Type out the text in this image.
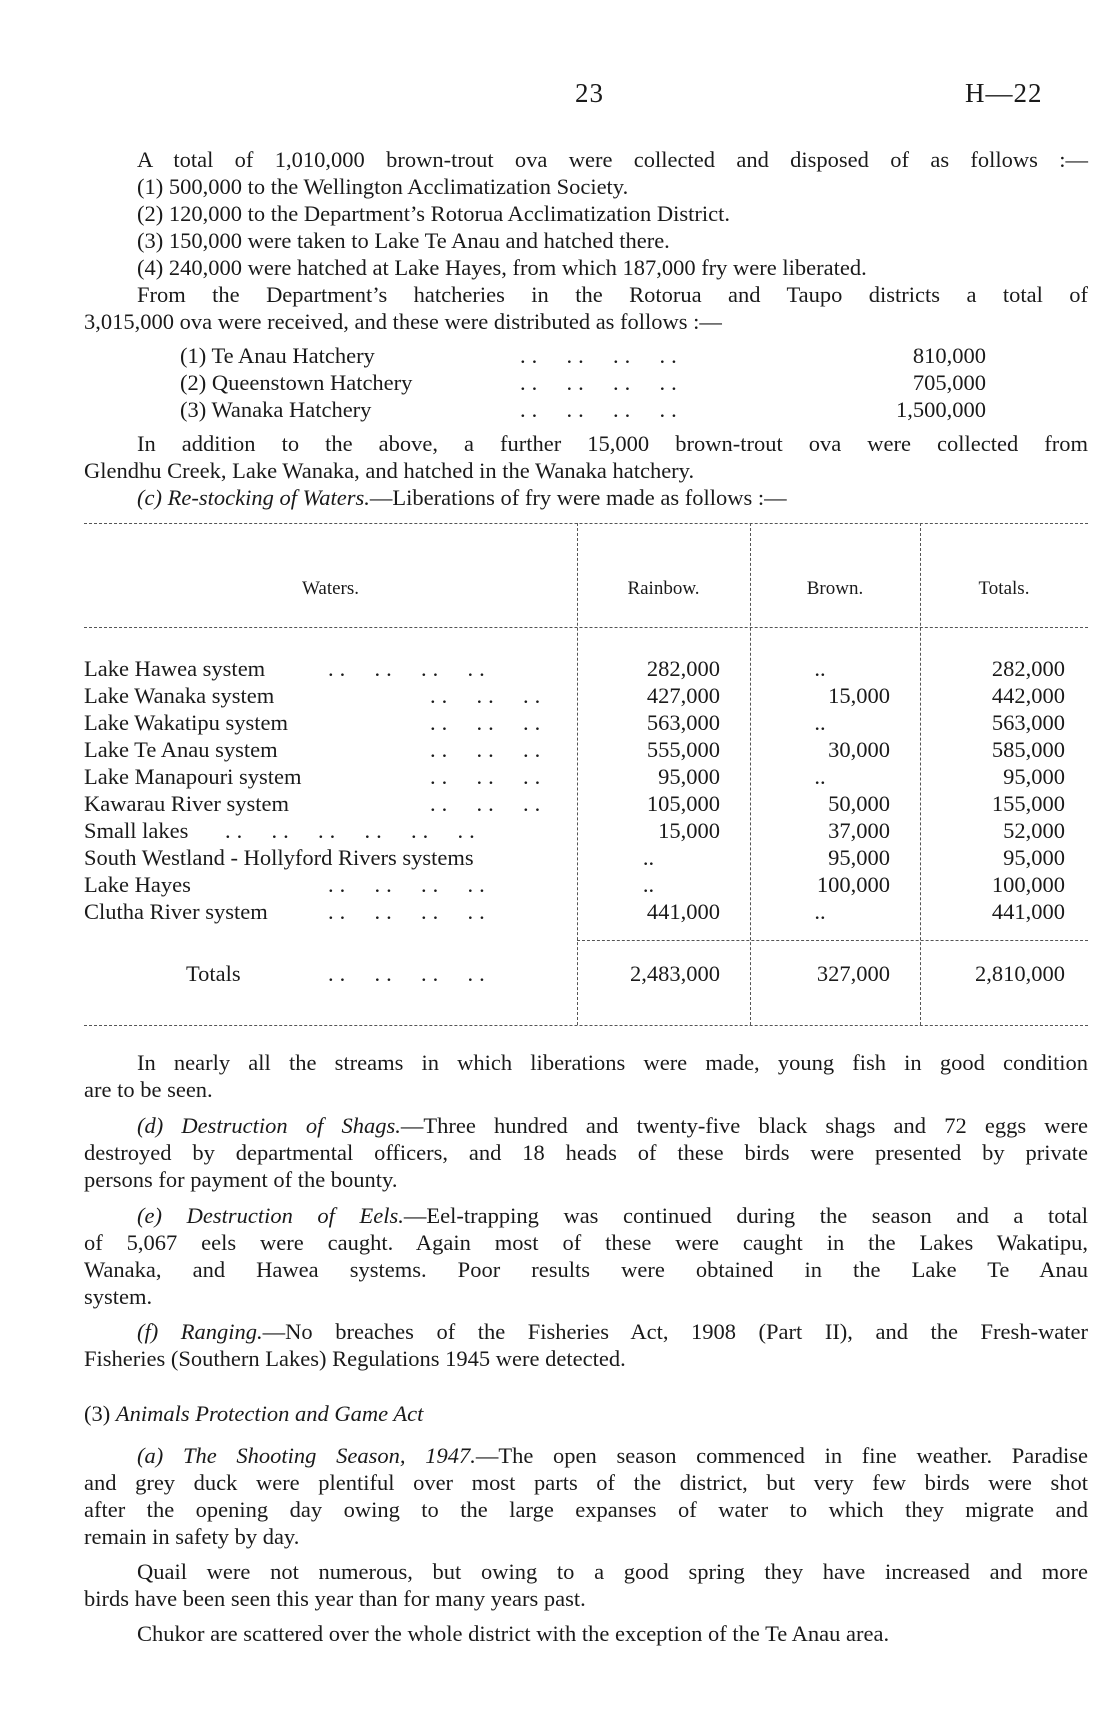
23	H—22
A total of 1,010,000 brown-trout ova were collected and disposed of as follows :—
(1) 500,000 to the Wellington Acclimatization Society.
(2) 120,000 to the Department’s Rotorua Acclimatization District.
(3) 150,000 were taken to Lake Te Anau and hatched there.
(4) 240,000 were hatched at Lake Hayes, from which 187,000 fry were liberated.
From the Department’s hatcheries in the Rotorua and Taupo districts a total of
3,015,000 ova were received, and these were distributed as follows :—
(1) Te Anau Hatchery	..  ..  ..  ..	810,000
(2) Queenstown Hatchery	..  ..  ..  ..	705,000
(3) Wanaka Hatchery	..  ..  ..  ..	1,500,000
In addition to the above, a further 15,000 brown-trout ova were collected from
Glendhu Creek, Lake Wanaka, and hatched in the Wanaka hatchery.
(c) Re-stocking of Waters.—Liberations of fry were made as follows :—
Waters.	Rainbow.	Brown.	Totals.
Lake Hawea system	..  ..  ..  ..	282,000	..	282,000
Lake Wanaka system	..  ..  ..	427,000	15,000	442,000
Lake Wakatipu system	..  ..  ..	563,000	..	563,000
Lake Te Anau system	..  ..  ..	555,000	30,000	585,000
Lake Manapouri system	..  ..  ..	95,000	..	95,000
Kawarau River system	..  ..  ..	105,000	50,000	155,000
Small lakes ..  ..  ..  ..  ..  ..	15,000	37,000	52,000
South Westland - Hollyford Rivers systems	..	95,000	95,000
Lake Hayes	..  ..  ..  ..	..	100,000	100,000
Clutha River system	..  ..  ..  ..	441,000	..	441,000
Totals	..  ..  ..  ..	2,483,000	327,000	2,810,000
In nearly all the streams in which liberations were made, young fish in good condition
are to be seen.
(d) Destruction of Shags.—Three hundred and twenty-five black shags and 72 eggs were
destroyed by departmental officers, and 18 heads of these birds were presented by private
persons for payment of the bounty.
(e) Destruction of Eels.—Eel-trapping was continued during the season and a total
of 5,067 eels were caught. Again most of these were caught in the Lakes Wakatipu,
Wanaka, and Hawea systems. Poor results were obtained in the Lake Te Anau
system.
(f) Ranging.—No breaches of the Fisheries Act, 1908 (Part II), and the Fresh-water
Fisheries (Southern Lakes) Regulations 1945 were detected.
(3) Animals Protection and Game Act
(a) The Shooting Season, 1947.—The open season commenced in fine weather. Paradise
and grey duck were plentiful over most parts of the district, but very few birds were shot
after the opening day owing to the large expanses of water to which they migrate and
remain in safety by day.
Quail were not numerous, but owing to a good spring they have increased and more
birds have been seen this year than for many years past.
Chukor are scattered over the whole district with the exception of the Te Anau area.
